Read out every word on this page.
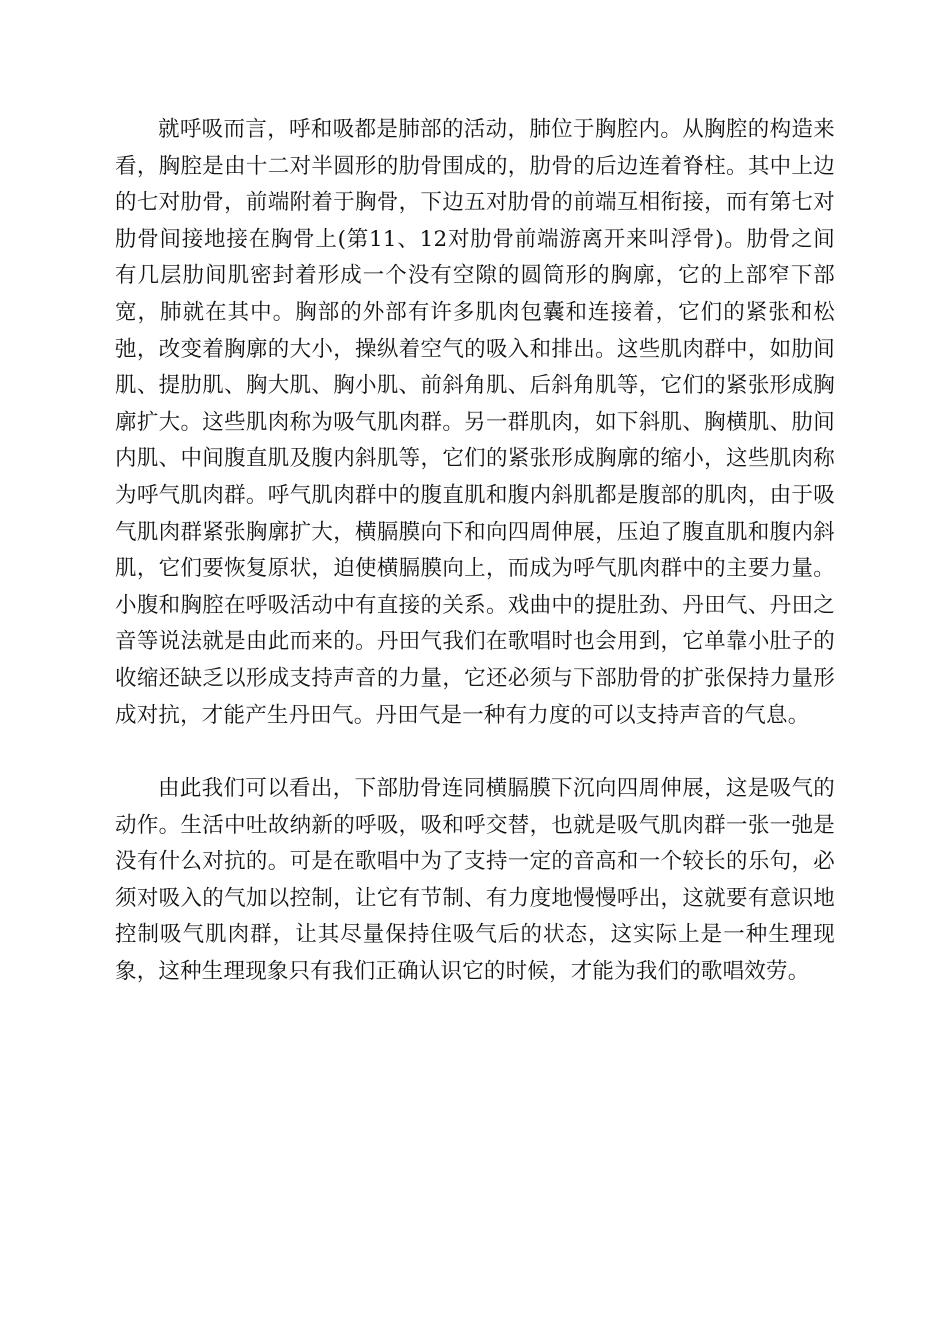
就呼吸而言，呼和吸都是肺部的活动，肺位于胸腔内。从胸腔的构造来看，胸腔是由十二对半圆形的肋骨围成的，肋骨的后边连着脊柱。其中上边的七对肋骨，前端附着于胸骨，下边五对肋骨的前端互相衔接，而有第七对肋骨间接地接在胸骨上(第11、12对肋骨前端游离开来叫浮骨)。肋骨之间有几层肋间肌密封着形成一个没有空隙的圆筒形的胸廓，它的上部窄下部宽，肺就在其中。胸部的外部有许多肌肉包囊和连接着，它们的紧张和松弛，改变着胸廓的大小，操纵着空气的吸入和排出。这些肌肉群中，如肋间肌、提肋肌、胸大肌、胸小肌、前斜角肌、后斜角肌等，它们的紧张形成胸廓扩大。这些肌肉称为吸气肌肉群。另一群肌肉，如下斜肌、胸横肌、肋间内肌、中间腹直肌及腹内斜肌等，它们的紧张形成胸廓的缩小，这些肌肉称为呼气肌肉群。呼气肌肉群中的腹直肌和腹内斜肌都是腹部的肌肉，由于吸气肌肉群紧张胸廓扩大，横膈膜向下和向四周伸展，压迫了腹直肌和腹内斜肌，它们要恢复原状，迫使横膈膜向上，而成为呼气肌肉群中的主要力量。小腹和胸腔在呼吸活动中有直接的关系。戏曲中的提肚劲、丹田气、丹田之音等说法就是由此而来的。丹田气我们在歌唱时也会用到，它单靠小肚子的收缩还缺乏以形成支持声音的力量，它还必须与下部肋骨的扩张保持力量形成对抗，才能产生丹田气。丹田气是一种有力度的可以支持声音的气息。

由此我们可以看出，下部肋骨连同横膈膜下沉向四周伸展，这是吸气的动作。生活中吐故纳新的呼吸，吸和呼交替，也就是吸气肌肉群一张一弛是没有什么对抗的。可是在歌唱中为了支持一定的音高和一个较长的乐句，必须对吸入的气加以控制，让它有节制、有力度地慢慢呼出，这就要有意识地控制吸气肌肉群，让其尽量保持住吸气后的状态，这实际上是一种生理现象，这种生理现象只有我们正确认识它的时候，才能为我们的歌唱效劳。
